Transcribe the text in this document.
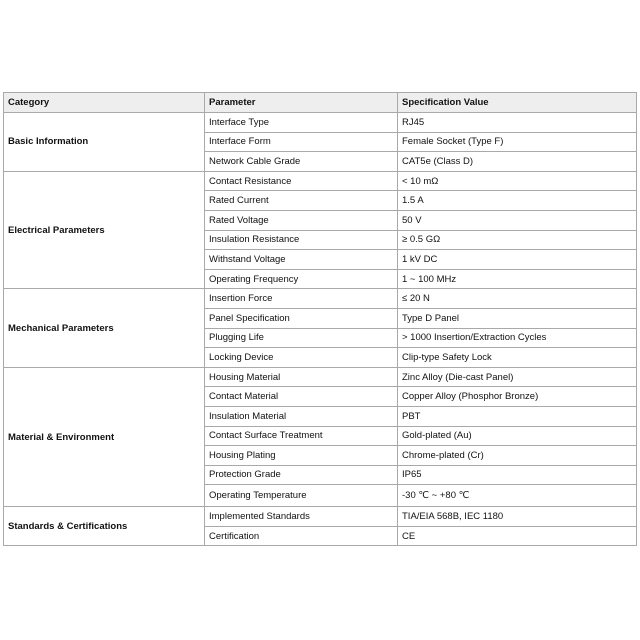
Category	Parameter	Specification Value
Basic Information	Interface Type	RJ45
	Interface Form	Female Socket (Type F)
	Network Cable Grade	CAT5e (Class D)
Electrical Parameters	Contact Resistance	< 10 mΩ
	Rated Current	1.5 A
	Rated Voltage	50 V
	Insulation Resistance	≥ 0.5 GΩ
	Withstand Voltage	1 kV DC
	Operating Frequency	1 ~ 100 MHz
Mechanical Parameters	Insertion Force	≤ 20 N
	Panel Specification	Type D Panel
	Plugging Life	> 1000 Insertion/Extraction Cycles
	Locking Device	Clip-type Safety Lock
Material & Environment	Housing Material	Zinc Alloy (Die-cast Panel)
	Contact Material	Copper Alloy (Phosphor Bronze)
	Insulation Material	PBT
	Contact Surface Treatment	Gold-plated (Au)
	Housing Plating	Chrome-plated (Cr)
	Protection Grade	IP65
	Operating Temperature	-30 ℃ ~ +80 ℃
Standards & Certifications	Implemented Standards	TIA/EIA 568B, IEC 1180
	Certification	CE
